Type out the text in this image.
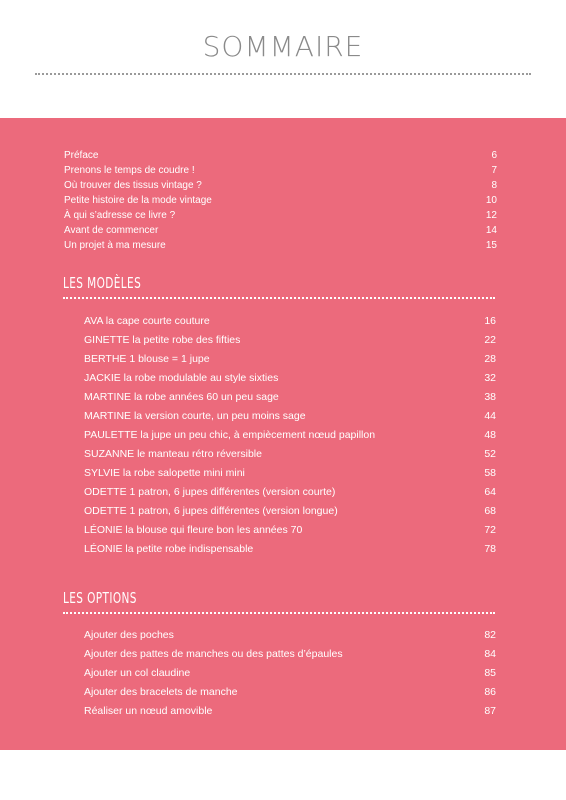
SOMMAIRE
Préface	6
Prenons le temps de coudre !	7
Où trouver des tissus vintage ?	8
Petite histoire de la mode vintage	10
À qui s’adresse ce livre ?	12
Avant de commencer	14
Un projet à ma mesure	15
LES MODÈLES
AVA la cape courte couture	16
GINETTE la petite robe des fifties	22
BERTHE 1 blouse = 1 jupe	28
JACKIE la robe modulable au style sixties	32
MARTINE la robe années 60 un peu sage	38
MARTINE la version courte, un peu moins sage	44
PAULETTE la jupe un peu chic, à empiècement nœud papillon	48
SUZANNE le manteau rétro réversible	52
SYLVIE la robe salopette mini mini	58
ODETTE 1 patron, 6 jupes différentes (version courte)	64
ODETTE 1 patron, 6 jupes différentes (version longue)	68
LÉONIE la blouse qui fleure bon les années 70	72
LÉONIE la petite robe indispensable	78
LES OPTIONS
Ajouter des poches	82
Ajouter des pattes de manches ou des pattes d’épaules	84
Ajouter un col claudine	85
Ajouter des bracelets de manche	86
Réaliser un nœud amovible	87
